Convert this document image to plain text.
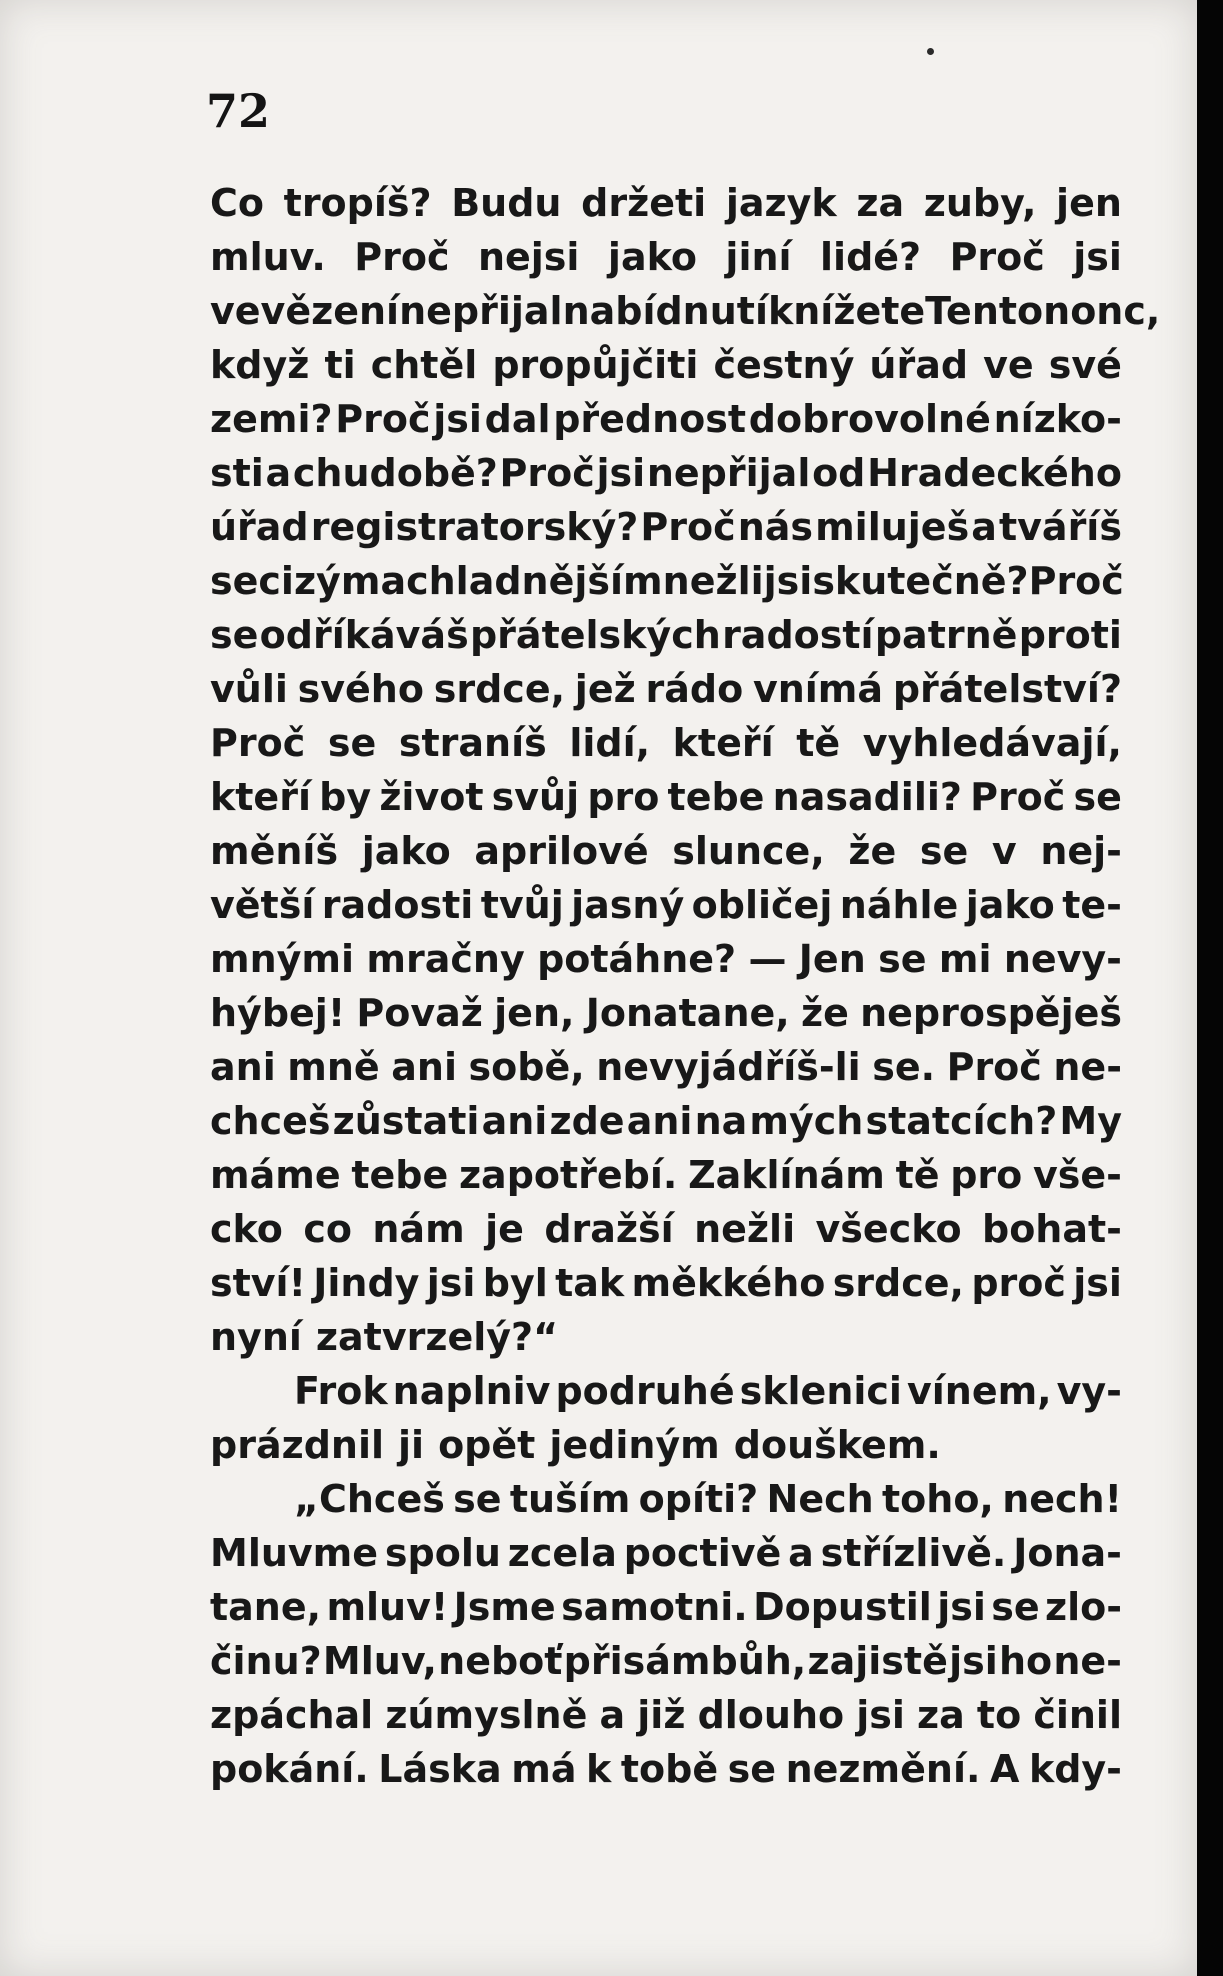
72
Co tropíš? Budu držeti jazyk za zuby, jen
mluv. Proč nejsi jako jiní lidé? Proč jsi
ve vězení nepřijal nabídnutí knížete Tentononc,
když ti chtěl propůjčiti čestný úřad ve své
zemi? Proč jsi dal přednost dobrovolné nízko-
sti a chudobě? Proč jsi nepřijal od Hradeckého
úřad registratorský? Proč nás miluješ a tváříš
se cizým a chladnějším nežli jsi skutečně? Proč
se odříkáváš přátelských radostí patrně proti
vůli svého srdce, jež rádo vnímá přátelství?
Proč se straníš lidí, kteří tě vyhledávají,
kteří by život svůj pro tebe nasadili? Proč se
měníš jako aprilové slunce, že se v nej-
větší radosti tvůj jasný obličej náhle jako te-
mnými mračny potáhne? — Jen se mi nevy-
hýbej! Považ jen, Jonatane, že neprospěješ
ani mně ani sobě, nevyjádříš-li se. Proč ne-
chceš zůstati ani zde ani na mých statcích? My
máme tebe zapotřebí. Zaklínám tě pro vše-
cko co nám je dražší nežli všecko bohat-
ství! Jindy jsi byl tak měkkého srdce, proč jsi
nyní zatvrzelý?“
Frok naplniv podruhé sklenici vínem, vy-
prázdnil ji opět jediným douškem.
„Chceš se tuším opíti? Nech toho, nech!
Mluvme spolu zcela poctivě a střízlivě. Jona-
tane, mluv! Jsme samotni. Dopustil jsi se zlo-
činu? Mluv, neboť přisámbůh, zajistě jsi ho ne-
zpáchal zúmyslně a již dlouho jsi za to činil
pokání. Láska má k tobě se nezmění. A kdy-
